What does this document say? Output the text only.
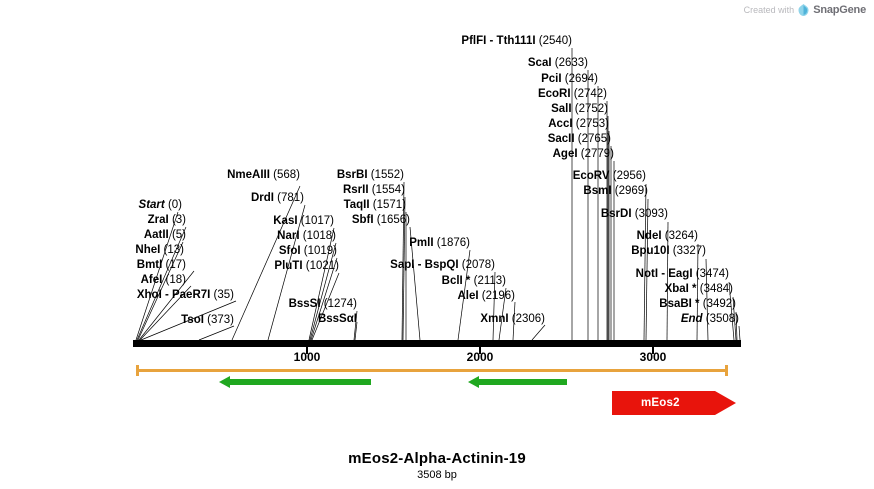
Created with SnapGene
Start (0)
ZraI (3)
AatII (5)
NheI (13)
BmtI (17)
AfeI (18)
XhoI - PaeR7I (35)
TsoI (373)
NmeAIII (568)
DrdI (781)
KasI (1017)
NarI (1018)
SfoI (1019)
PluTI (1021)
BssSI (1274)
BssSαI
BsrBI (1552)
RsrII (1554)
TaqII (1571)
SbfI (1656)
PmlI (1876)
SapI - BspQI (2078)
BclI * (2113)
AleI (2196)
XmnI (2306)
PflFI - Tth111I (2540)
ScaI (2633)
PciI (2694)
EcoRI (2742)
SalI (2752)
AccI (2753)
SacII (2765)
AgeI (2779)
EcoRV (2956)
BsmI (2969)
BsrDI (3093)
NdeI (3264)
Bpu10I (3327)
NotI - EagI (3474)
XbaI * (3484)
BsaBI * (3492)
End (3508)
1000	2000	3000
mEos2
mEos2-Alpha-Actinin-19
3508 bp
